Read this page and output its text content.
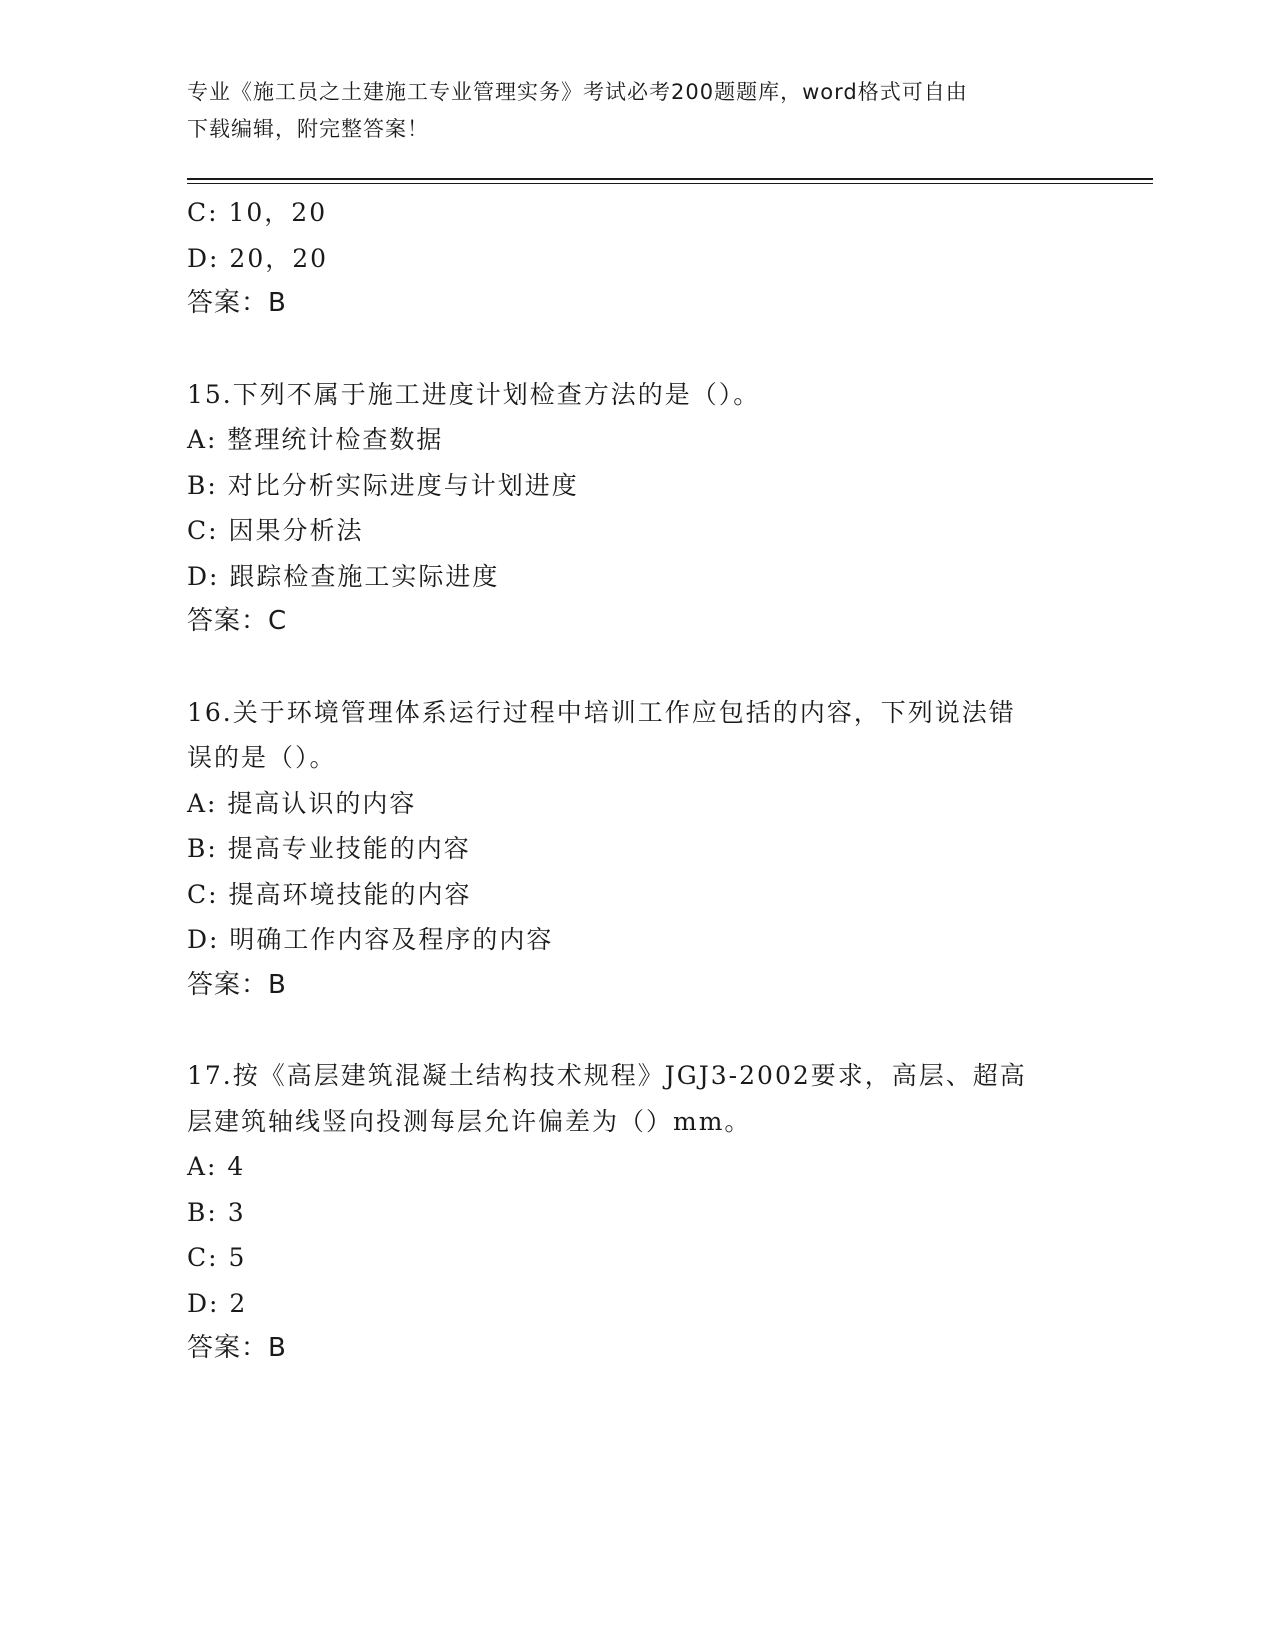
专业《施工员之土建施工专业管理实务》考试必考200题题库，word格式可自由
下载编辑，附完整答案！
C: 10，20
D: 20，20
答案：B
15.下列不属于施工进度计划检查方法的是（）。
A: 整理统计检查数据
B: 对比分析实际进度与计划进度
C: 因果分析法
D: 跟踪检查施工实际进度
答案：C
16.关于环境管理体系运行过程中培训工作应包括的内容，下列说法错
误的是（）。
A: 提高认识的内容
B: 提高专业技能的内容
C: 提高环境技能的内容
D: 明确工作内容及程序的内容
答案：B
17.按《高层建筑混凝土结构技术规程》JGJ3-2002要求，高层、超高
层建筑轴线竖向投测每层允许偏差为（）mm。
A: 4
B: 3
C: 5
D: 2
答案：B
